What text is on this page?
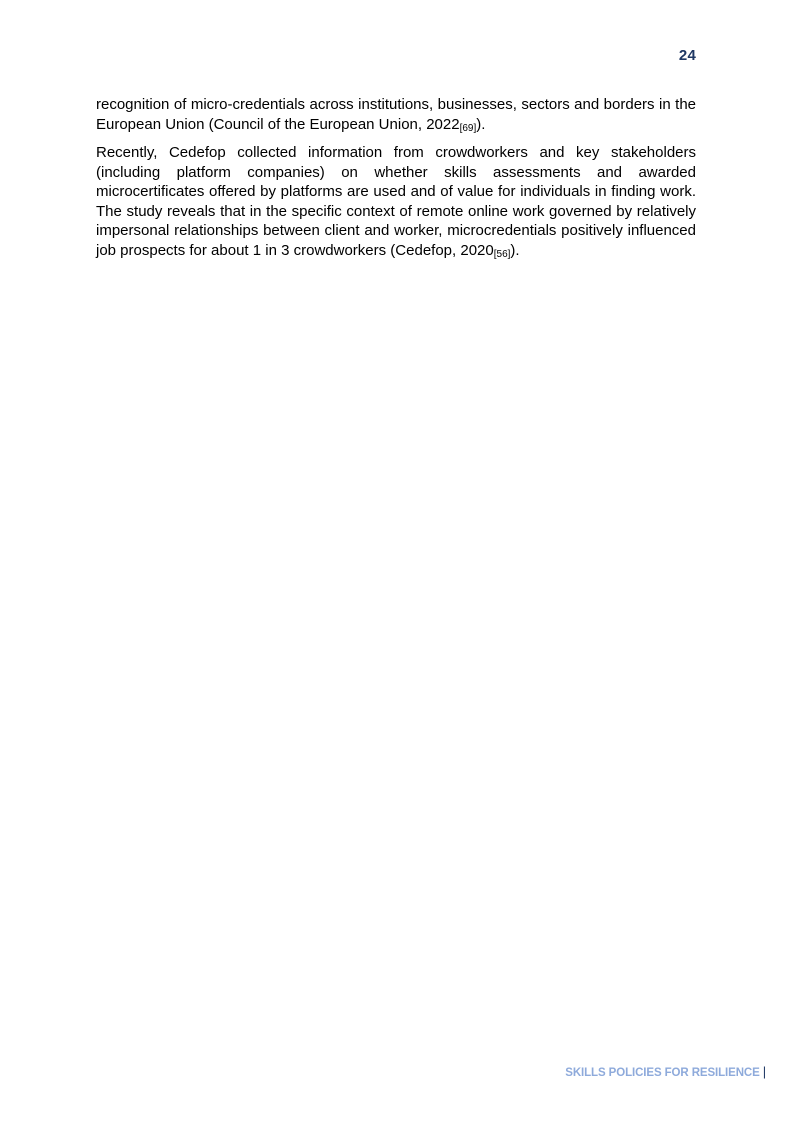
24

recognition of micro-credentials across institutions, businesses, sectors and borders in the European Union (Council of the European Union, 2022[69]).

Recently, Cedefop collected information from crowdworkers and key stakeholders (including platform companies) on whether skills assessments and awarded microcertificates offered by platforms are used and of value for individuals in finding work. The study reveals that in the specific context of remote online work governed by relatively impersonal relationships between client and worker, microcredentials positively influenced job prospects for about 1 in 3 crowdworkers (Cedefop, 2020[56]).

SKILLS POLICIES FOR RESILIENCE |
